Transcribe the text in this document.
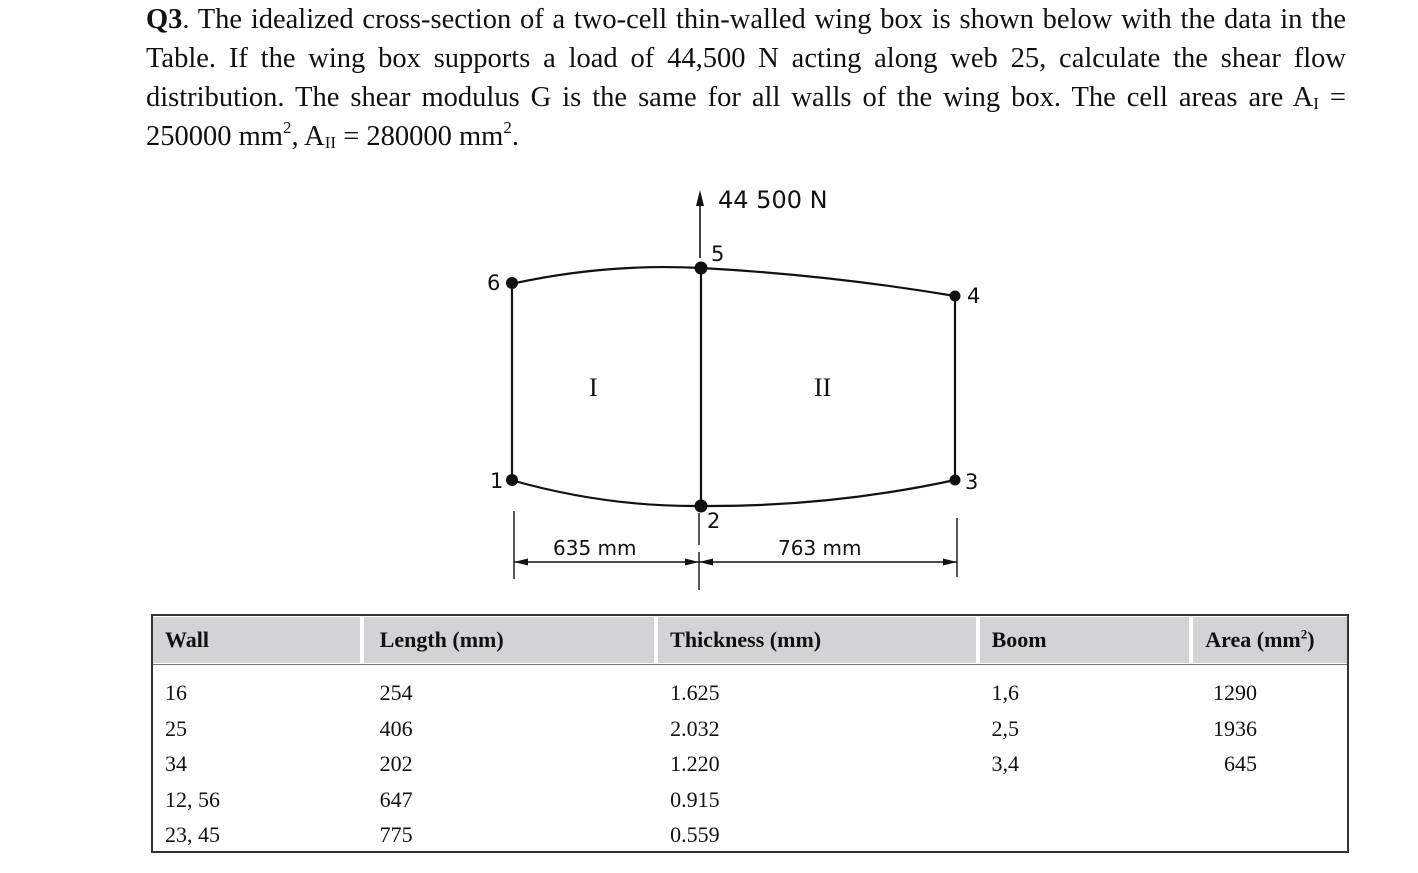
Q3. The idealized cross-section of a two-cell thin-walled wing box is shown below with the data in the Table. If the wing box supports a load of 44,500 N acting along web 25, calculate the shear flow distribution. The shear modulus G is the same for all walls of the wing box. The cell areas are $A_I = 250000$ $mm^2$, $A_{II} = 280000$ $mm^2$.
44 500 N
6
5
4
1
2
3
I	II
635 mm	763 mm
Wall	Length (mm)	Thickness (mm)	Boom	Area $(mm^2)$
16	254	1.625	1,6	1290
25	406	2.032	2,5	1936
34	202	1.220	3,4	645
12, 56	647	0.915
23, 45	775	0.559
